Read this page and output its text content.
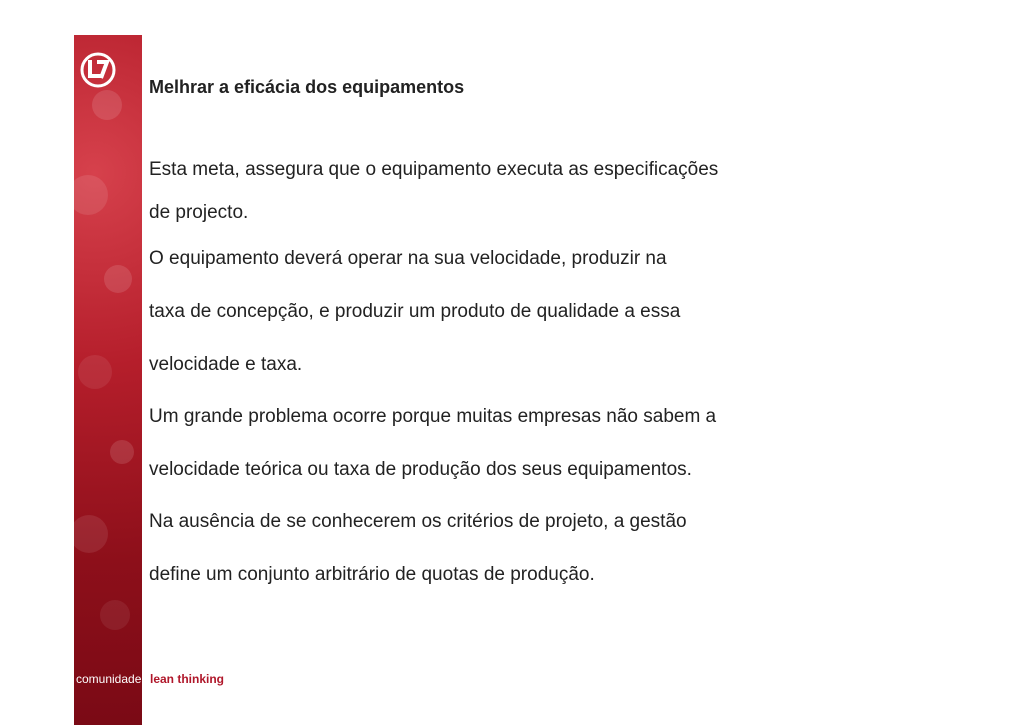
Melhrar a eficácia dos equipamentos
Esta meta, assegura que o equipamento executa as especificações
de projecto.
O equipamento deverá operar na sua velocidade, produzir na
taxa de concepção, e produzir um produto de qualidade a essa
velocidade e taxa.
Um grande problema ocorre porque muitas empresas não sabem a
velocidade teórica ou taxa de produção dos seus equipamentos.
Na ausência de se conhecerem os critérios de projeto, a gestão
define um conjunto arbitrário de quotas de produção.
comunidade lean thinking
